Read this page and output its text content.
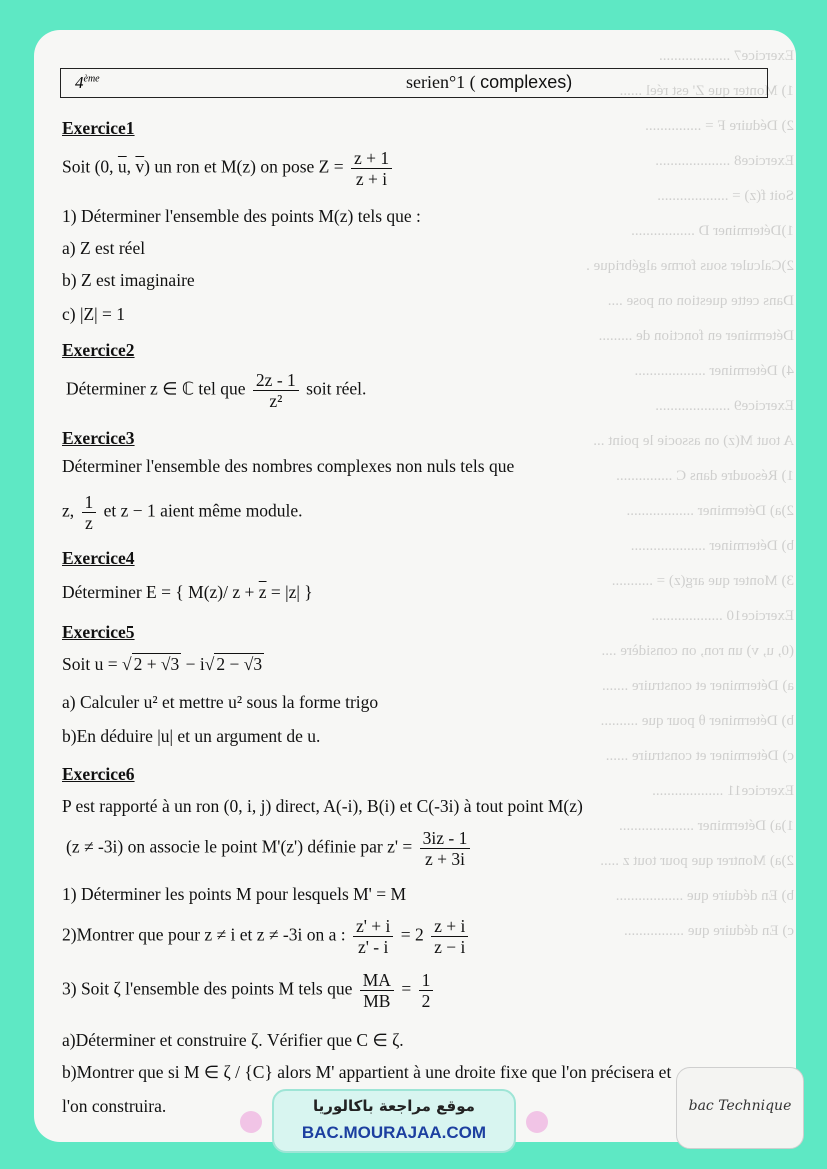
Exercice7 ...................
1) Monter que Z' est réel ......
2) Déduire F = ...............
Exercice8 ....................
Soit f(z) = ...................
1)Déterminer D .................
2)Calculer sous forme algébrique .
Dans cette question on pose ....
Déterminer en fonction de .........
4) Déterminer ...................
Exercice9 ....................
A tout M(z) on associe le point ...
1) Résoudre dans C ...............
2)a) Déterminer ..................
b) Déterminer ....................
3) Monter que arg(z) = ...........
Exercice10 ...................
(0, u, v) un ron, on considère ....
a) Déterminer et construire .......
b) Déterminer θ pour que ..........
c) Déterminer et construire ......
Exercice11 ...................
1)a) Déterminer ....................
2)a) Montrer que pour tout z .....
b) En déduire que ..................
c) En déduire que ................
4ème	serien°1 ( complexes)
Exercice1
Soit (0, $\overline{u}$, $\overline{v}$) un ron et M(z) on pose $Z = \frac{z + 1}{z + i}$
1) Déterminer l'ensemble des points M(z) tels que :
a) Z est réel
b) Z est imaginaire
c) |Z| = 1
Exercice2
Déterminer z ∈ ℂ tel que $\frac{2z - 1}{\text{z²}}$ soit réel.
Exercice3
Déterminer l'ensemble des nombres complexes non nuls tels que
z, $\frac{1}{z}$ et z − 1 aient même module.
Exercice4
Déterminer E = { M(z)/ $z + \overline{z} = |z|$ }
Exercice5
Soit u = √ 2 + √3 − i√ 2 − √3
a) Calculer u² et mettre u² sous la forme trigo
b)En déduire |u| et un argument de u.
Exercice6
P est rapporté à un ron (0, i, j) direct, A(-i), B(i) et C(-3i) à tout point M(z)
(z ≠ -3i) on associe le point M'(z') définie par $z' = \frac{3iz - 1}{z + 3i}$
1) Déterminer les points M pour lesquels M' = M
2)Montrer que pour z ≠ i et z ≠ -3i on a : $\frac{z' + i}{z' - i} = 2 \frac{z + i}{z - i}$
3) Soit ζ l'ensemble des points M tels que $\frac{MA}{MB} = \frac{1}{2}$
a)Déterminer et construire ζ. Vérifier que C ∈ ζ.
b)Montrer que si M ∈ ζ / {C} alors M' appartient à une droite fixe que l'on précisera et
l'on construira.	موقع مراجعة باكالوريا
BAC.MOURAJAA.COM
bac Technique
